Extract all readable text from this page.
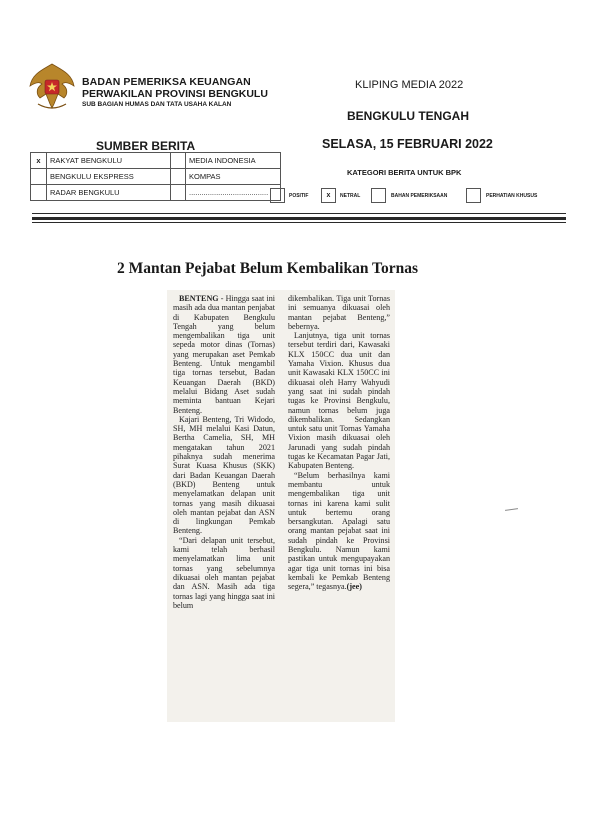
BADAN PEMERIKSA KEUANGAN
PERWAKILAN PROVINSI BENGKULU
SUB BAGIAN HUMAS DAN TATA USAHA KALAN
KLIPING MEDIA 2022
BENGKULU TENGAH
SELASA, 15 FEBRUARI 2022
SUMBER BERITA
x	RAKYAT BENGKULU		MEDIA INDONESIA
	BENGKULU EKSPRESS		KOMPAS
	RADAR BENGKULU		......................................
KATEGORI BERITA UNTUK BPK
POSITIF	x	NETRAL	BAHAN PEMERIKSAAN	PERHATIAN KHUSUS
2 Mantan Pejabat Belum Kembalikan Tornas

BENTENG - Hingga saat ini masih ada dua mantan penjabat di Kabupaten Bengkulu Tengah yang belum mengembalikan tiga unit sepeda motor dinas (Tornas) yang merupakan aset Pemkab Benteng. Untuk mengambil tiga tornas tersebut, Badan Keuangan Daerah (BKD) melalui Bidang Aset sudah meminta bantuan Kejari Benteng.

Kajari Benteng, Tri Widodo, SH, MH melalui Kasi Datun, Bertha Camelia, SH, MH mengatakan tahun 2021 pihaknya sudah menerima Surat Kuasa Khusus (SKK) dari Badan Keuangan Daerah (BKD) Benteng untuk menyelamatkan delapan unit tornas yang masih dikuasai oleh mantan pejabat dan ASN di lingkungan Pemkab Benteng.

“Dari delapan unit tersebut, kami telah berhasil menyelamatkan lima unit tornas yang sebelumnya dikuasai oleh mantan pejabat dan ASN. Masih ada tiga tornas lagi yang hingga saat ini belum

dikembalikan. Tiga unit Tornas ini semuanya dikuasai oleh mantan pejabat Benteng,” bebernya.

Lanjutnya, tiga unit tornas tersebut terdiri dari, Kawasaki KLX 150CC dua unit dan Yamaha Vixion. Khusus dua unit Kawasaki KLX 150CC ini dikuasai oleh Harry Wahyudi yang saat ini sudah pindah tugas ke Provinsi Bengkulu, namun tornas belum juga dikembalikan. Sedangkan untuk satu unit Tornas Yamaha Vixion masih dikuasai oleh Jarunadi yang sudah pindah tugas ke Kecamatan Pagar Jati, Kabupaten Benteng.

“Belum berhasilnya kami membantu untuk mengembalikan tiga unit tornas ini karena kami sulit untuk bertemu orang bersangkutan. Apalagi satu orang mantan pejabat saat ini sudah pindah ke Provinsi Bengkulu. Namun kami pastikan untuk mengupayakan agar tiga unit tornas ini bisa kembali ke Pemkab Benteng segera,” tegasnya.(jee)
